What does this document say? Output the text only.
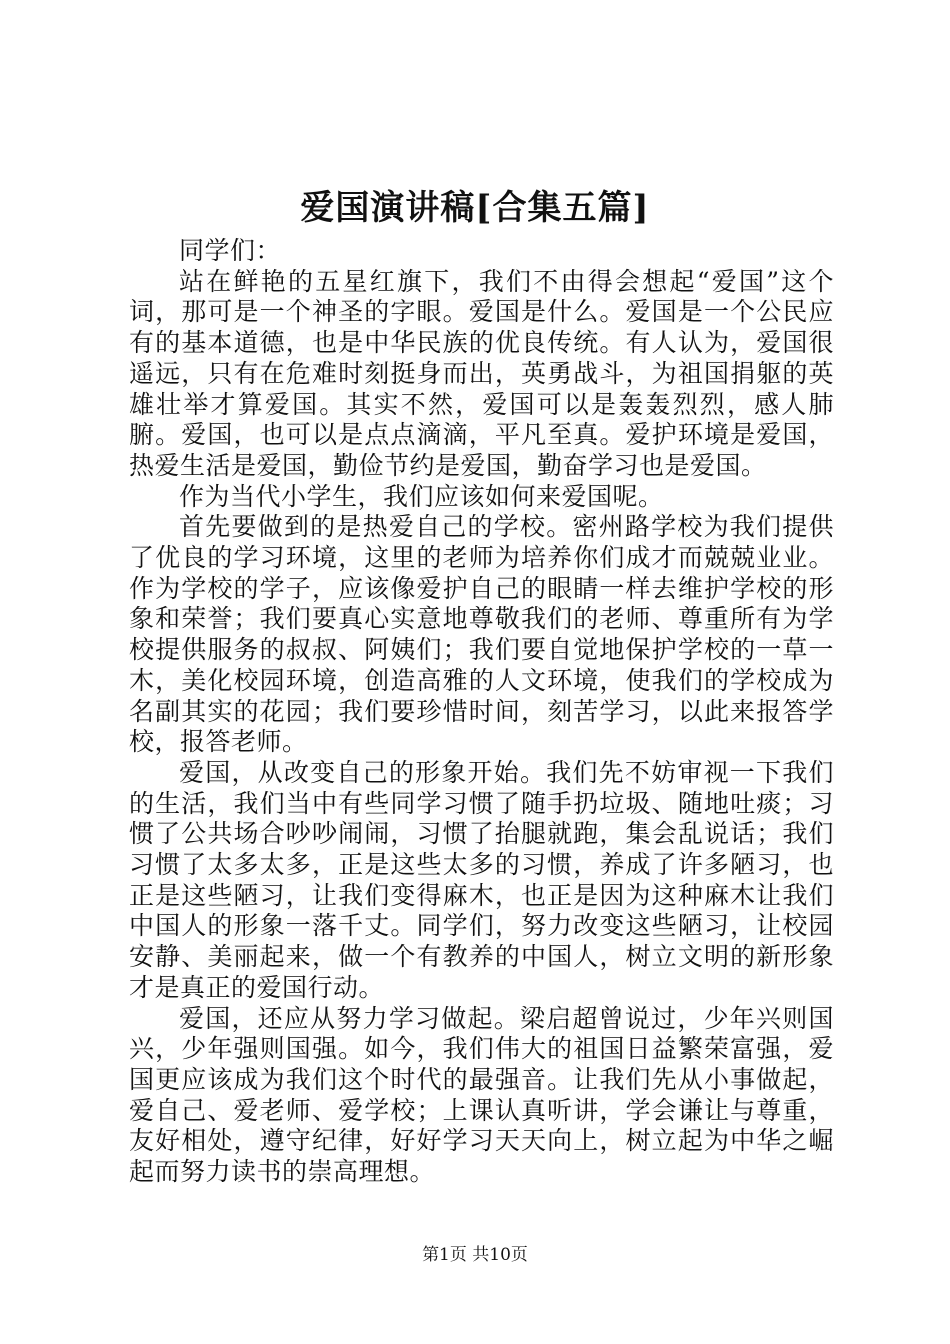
爱国演讲稿[合集五篇]

同学们：

站在鲜艳的五星红旗下，我们不由得会想起“爱国”这个词，那可是一个神圣的字眼。爱国是什么。爱国是一个公民应有的基本道德，也是中华民族的优良传统。有人认为，爱国很遥远，只有在危难时刻挺身而出，英勇战斗，为祖国捐躯的英雄壮举才算爱国。其实不然，爱国可以是轰轰烈烈，感人肺腑。爱国，也可以是点点滴滴，平凡至真。爱护环境是爱国，热爱生活是爱国，勤俭节约是爱国，勤奋学习也是爱国。

作为当代小学生，我们应该如何来爱国呢。

首先要做到的是热爱自己的学校。密州路学校为我们提供了优良的学习环境，这里的老师为培养你们成才而兢兢业业。作为学校的学子，应该像爱护自己的眼睛一样去维护学校的形象和荣誉；我们要真心实意地尊敬我们的老师、尊重所有为学校提供服务的叔叔、阿姨们；我们要自觉地保护学校的一草一木，美化校园环境，创造高雅的人文环境，使我们的学校成为名副其实的花园；我们要珍惜时间，刻苦学习，以此来报答学校，报答老师。

爱国，从改变自己的形象开始。我们先不妨审视一下我们的生活，我们当中有些同学习惯了随手扔垃圾、随地吐痰；习惯了公共场合吵吵闹闹，习惯了抬腿就跑，集会乱说话；我们习惯了太多太多，正是这些太多的习惯，养成了许多陋习，也正是这些陋习，让我们变得麻木，也正是因为这种麻木让我们中国人的形象一落千丈。同学们，努力改变这些陋习，让校园安静、美丽起来，做一个有教养的中国人，树立文明的新形象才是真正的爱国行动。

爱国，还应从努力学习做起。梁启超曾说过，少年兴则国兴，少年强则国强。如今，我们伟大的祖国日益繁荣富强，爱国更应该成为我们这个时代的最强音。让我们先从小事做起，爱自己、爱老师、爱学校；上课认真听讲，学会谦让与尊重，友好相处，遵守纪律，好好学习天天向上，树立起为中华之崛起而努力读书的崇高理想。

第1页 共10页
